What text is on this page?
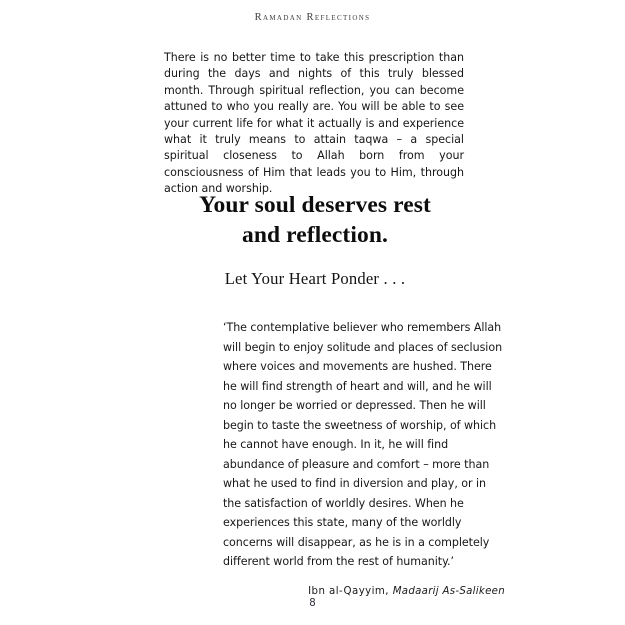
Ramadan Reflections

There is no better time to take this prescription than during the days and nights of this truly blessed month. Through spiritual reflection, you can become attuned to who you really are. You will be able to see your current life for what it actually is and experience what it truly means to attain taqwa – a special spiritual closeness to Allah born from your consciousness of Him that leads you to Him, through action and worship.

Your soul deserves rest
and reflection.
Let Your Heart Ponder . . .

‘The contemplative believer who remembers Allah will begin to enjoy solitude and places of seclusion where voices and movements are hushed. There he will find strength of heart and will, and he will no longer be worried or depressed. Then he will begin to taste the sweetness of worship, of which he cannot have enough. In it, he will find abundance of pleasure and comfort – more than what he used to find in diversion and play, or in the satisfaction of worldly desires. When he experiences this state, many of the worldly concerns will disappear, as he is in a completely different world from the rest of humanity.’

Ibn al-Qayyim, Madaarij As-Salikeen

8
